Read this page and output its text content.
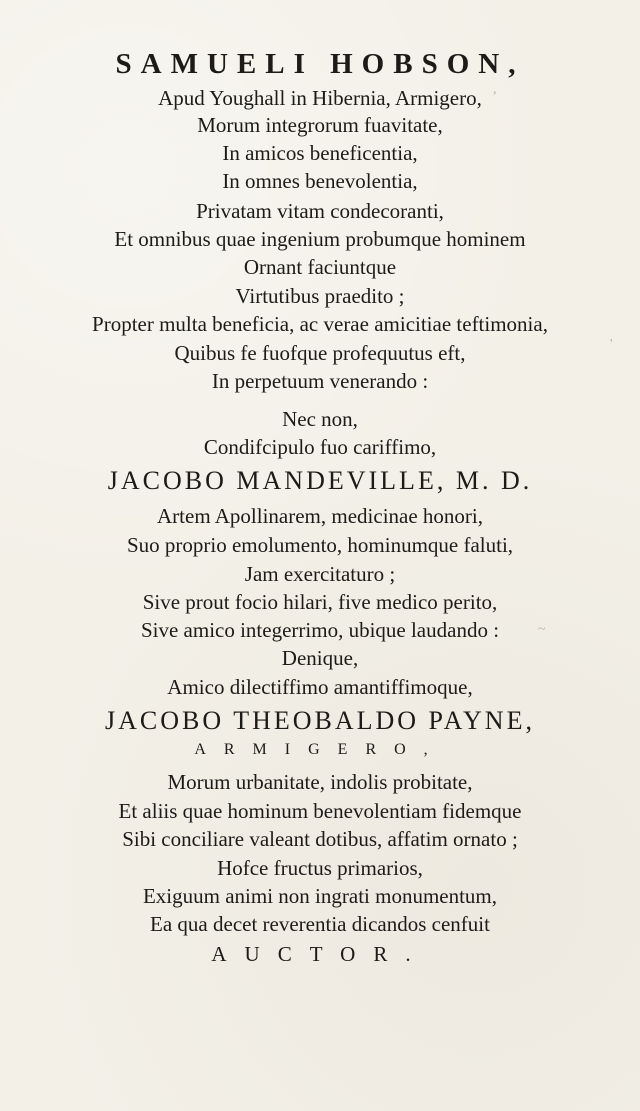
~
,
'
SAMUELI HOBSON,
Apud Youghall in Hibernia, Armigero,
Morum integrorum fuavitate,
In amicos beneficentia,
In omnes benevolentia,
Privatam vitam condecoranti,
Et omnibus quae ingenium probumque hominem
Ornant faciuntque
Virtutibus praedito ;
Propter multa beneficia, ac verae amicitiae teftimonia,
Quibus fe fuofque profequutus eft,
In perpetuum venerando :
Nec non,
Condifcipulo fuo cariffimo,
JACOBO MANDEVILLE, M. D.
Artem Apollinarem, medicinae honori,
Suo proprio emolumento, hominumque faluti,
Jam exercitaturo ;
Sive prout focio hilari, five medico perito,
Sive amico integerrimo, ubique laudando :
Denique,
Amico dilectiffimo amantiffimoque,
JACOBO THEOBALDO PAYNE,
ARMIGERO,
Morum urbanitate, indolis probitate,
Et aliis quae hominum benevolentiam fidemque
Sibi conciliare valeant dotibus, affatim ornato ;
Hofce fructus primarios,
Exiguum animi non ingrati monumentum,
Ea qua decet reverentia dicandos cenfuit
AUCTOR.
